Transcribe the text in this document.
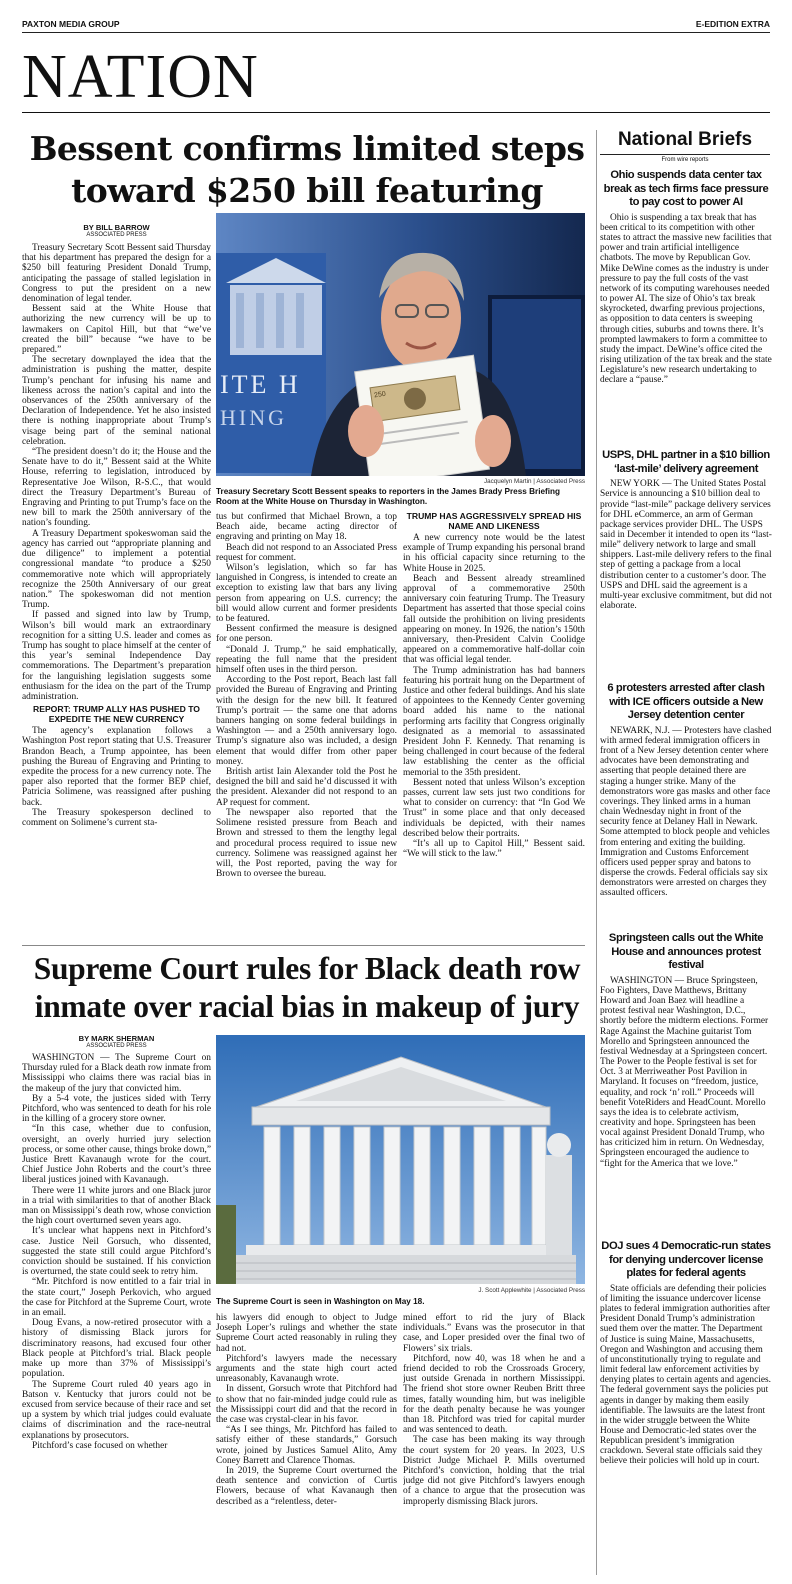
PAXTON MEDIA GROUP	E-EDITION EXTRA
NATION
Bessent confirms limited steps toward $250 bill featuring
BY BILL BARROW
ASSOCIATED PRESS

Treasury Secretary Scott Bessent said Thursday that his department has prepared the design for a $250 bill featuring President Donald Trump, anticipating the passage of stalled legislation in Congress to put the president on a new denomination of legal tender.

Bessent said at the White House that authorizing the new currency will be up to lawmakers on Capitol Hill, but that “we’ve created the bill” because “we have to be prepared.”

The secretary downplayed the idea that the administration is pushing the matter, despite Trump’s penchant for infusing his name and likeness across the nation’s capital and into the observances of the 250th anniversary of the Declaration of Independence. Yet he also insisted there is nothing inappropriate about Trump’s visage being part of the seminal national celebration.

“The president doesn’t do it; the House and the Senate have to do it,” Bessent said at the White House, referring to legislation, introduced by Representative Joe Wilson, R-S.C., that would direct the Treasury Department’s Bureau of Engraving and Printing to put Trump’s face on the new bill to mark the 250th anniversary of the nation’s founding.

A Treasury Department spokeswoman said the agency has carried out “appropriate planning and due diligence” to implement a potential congressional mandate “to produce a $250 commemorative note which will appropriately recognize the 250th Anniversary of our great nation.” The spokeswoman did not mention Trump.

If passed and signed into law by Trump, Wilson’s bill would mark an extraordinary recognition for a sitting U.S. leader and comes as Trump has sought to place himself at the center of this year’s seminal Independence Day commemorations. The Department’s preparation for the languishing legislation suggests some enthusiasm for the idea on the part of the Trump administration.

REPORT: TRUMP ALLY HAS PUSHED TO EXPEDITE THE NEW CURRENCY

The agency’s explanation follows a Washington Post report stating that U.S. Treasurer Brandon Beach, a Trump appointee, has been pushing the Bureau of Engraving and Printing to expedite the process for a new currency note. The paper also reported that the former BEP chief, Patricia Solimene, was reassigned after pushing back.

The Treasury spokesperson declined to comment on Solimene’s current sta-

ITE H
HING
250
Jacquelyn Martin | Associated Press
Treasury Secretary Scott Bessent speaks to reporters in the James Brady Press Briefing Room at the White House on Thursday in Washington.

tus but confirmed that Michael Brown, a top Beach aide, became acting director of engraving and printing on May 18.

Beach did not respond to an Associated Press request for comment.

Wilson’s legislation, which so far has languished in Congress, is intended to create an exception to existing law that bars any living person from appearing on U.S. currency; the bill would allow current and former presidents to be featured.

Bessent confirmed the measure is designed for one person.

“Donald J. Trump,” he said emphatically, repeating the full name that the president himself often uses in the third person.

According to the Post report, Beach last fall provided the Bureau of Engraving and Printing with the design for the new bill. It featured Trump’s portrait — the same one that adorns banners hanging on some federal buildings in Washington — and a 250th anniversary logo. Trump’s signature also was included, a design element that would differ from other paper money.

British artist Iain Alexander told the Post he designed the bill and said he’d discussed it with the president. Alexander did not respond to an AP request for comment.

The newspaper also reported that the Solimene resisted pressure from Beach and Brown and stressed to them the lengthy legal and procedural process required to issue new currency. Solimene was reassigned against her will, the Post reported, paving the way for Brown to oversee the bureau.

TRUMP HAS AGGRESSIVELY SPREAD HIS NAME AND LIKENESS

A new currency note would be the latest example of Trump expanding his personal brand in his official capacity since returning to the White House in 2025.

Beach and Bessent already streamlined approval of a commemorative 250th anniversary coin featuring Trump. The Treasury Department has asserted that those special coins fall outside the prohibition on living presidents appearing on money. In 1926, the nation’s 150th anniversary, then-President Calvin Coolidge appeared on a commemorative half-dollar coin that was official legal tender.

The Trump administration has had banners featuring his portrait hung on the Department of Justice and other federal buildings. And his slate of appointees to the Kennedy Center governing board added his name to the national performing arts facility that Congress originally designated as a memorial to assassinated President John F. Kennedy. That renaming is being challenged in court because of the federal law establishing the center as the official memorial to the 35th president.

Bessent noted that unless Wilson’s exception passes, current law sets just two conditions for what to consider on currency: that “In God We Trust” in some place and that only deceased individuals be depicted, with their names described below their portraits.

“It’s all up to Capitol Hill,” Bessent said. “We will stick to the law.”

Supreme Court rules for Black death row inmate over racial bias in makeup of jury
BY MARK SHERMAN
ASSOCIATED PRESS

WASHINGTON — The Supreme Court on Thursday ruled for a Black death row inmate from Mississippi who claims there was racial bias in the makeup of the jury that convicted him.

By a 5-4 vote, the justices sided with Terry Pitchford, who was sentenced to death for his role in the killing of a grocery store owner.

“In this case, whether due to confusion, oversight, an overly hurried jury selection process, or some other cause, things broke down,” Justice Brett Kavanaugh wrote for the court. Chief Justice John Roberts and the court’s three liberal justices joined with Kavanaugh.

There were 11 white jurors and one Black juror in a trial with similarities to that of another Black man on Mississippi’s death row, whose conviction the high court overturned seven years ago.

It’s unclear what happens next in Pitchford’s case. Justice Neil Gorsuch, who dissented, suggested the state still could argue Pitchford’s conviction should be sustained. If his conviction is overturned, the state could seek to retry him.

“Mr. Pitchford is now entitled to a fair trial in the state court,” Joseph Perkovich, who argued the case for Pitchford at the Supreme Court, wrote in an email.

Doug Evans, a now-retired prosecutor with a history of dismissing Black jurors for discriminatory reasons, had excused four other Black people at Pitchford’s trial. Black people make up more than 37% of Mississippi’s population.

The Supreme Court ruled 40 years ago in Batson v. Kentucky that jurors could not be excused from service because of their race and set up a system by which trial judges could evaluate claims of discrimination and the race-neutral explanations by prosecutors.

Pitchford’s case focused on whether

J. Scott Applewhite | Associated Press
The Supreme Court is seen in Washington on May 18.

his lawyers did enough to object to Judge Joseph Loper’s rulings and whether the state Supreme Court acted reasonably in ruling they had not.

Pitchford’s lawyers made the necessary arguments and the state high court acted unreasonably, Kavanaugh wrote.

In dissent, Gorsuch wrote that Pitchford had to show that no fair-minded judge could rule as the Mississippi court did and that the record in the case was crystal-clear in his favor.

“As I see things, Mr. Pitchford has failed to satisfy either of these standards,” Gorsuch wrote, joined by Justices Samuel Alito, Amy Coney Barrett and Clarence Thomas.

In 2019, the Supreme Court overturned the death sentence and conviction of Curtis Flowers, because of what Kavanaugh then described as a “relentless, deter-

mined effort to rid the jury of Black individuals.” Evans was the prosecutor in that case, and Loper presided over the final two of Flowers’ six trials.

Pitchford, now 40, was 18 when he and a friend decided to rob the Crossroads Grocery, just outside Grenada in northern Mississippi. The friend shot store owner Reuben Britt three times, fatally wounding him, but was ineligible for the death penalty because he was younger than 18. Pitchford was tried for capital murder and was sentenced to death.

The case has been making its way through the court system for 20 years. In 2023, U.S District Judge Michael P. Mills overturned Pitchford’s conviction, holding that the trial judge did not give Pitchford’s lawyers enough of a chance to argue that the prosecution was improperly dismissing Black jurors.

National Briefs
From wire reports
Ohio suspends data center tax break as tech firms face pressure to pay cost to power AI
Ohio is suspending a tax break that has been critical to its competition with other states to attract the massive new facilities that power and train artificial intelligence chatbots. The move by Republican Gov. Mike DeWine comes as the industry is under pressure to pay the full costs of the vast network of its computing warehouses needed to power AI. The size of Ohio’s tax break skyrocketed, dwarfing previous projections, as opposition to data centers is sweeping through cities, suburbs and towns there. It’s prompted lawmakers to form a committee to study the impact. DeWine’s office cited the rising utilization of the tax break and the state Legislature’s new research undertaking to declare a “pause.”
USPS, DHL partner in a $10 billion ‘last-mile’ delivery agreement
NEW YORK — The United States Postal Service is announcing a $10 billion deal to provide “last-mile” package delivery services for DHL eCommerce, an arm of German package services provider DHL. The USPS said in December it intended to open its “last-mile” delivery network to large and small shippers. Last-mile delivery refers to the final step of getting a package from a local distribution center to a customer’s door. The USPS and DHL said the agreement is a multi-year exclusive commitment, but did not elaborate.
6 protesters arrested after clash with ICE officers outside a New Jersey detention center
NEWARK, N.J. — Protesters have clashed with armed federal immigration officers in front of a New Jersey detention center where advocates have been demonstrating and asserting that people detained there are staging a hunger strike. Many of the demonstrators wore gas masks and other face coverings. They linked arms in a human chain Wednesday night in front of the security fence at Delaney Hall in Newark. Some attempted to block people and vehicles from entering and exiting the building. Immigration and Customs Enforcement officers used pepper spray and batons to disperse the crowds. Federal officials say six demonstrators were arrested on charges they assaulted officers.
Springsteen calls out the White House and announces protest festival
WASHINGTON — Bruce Springsteen, Foo Fighters, Dave Matthews, Brittany Howard and Joan Baez will headline a protest festival near Washington, D.C., shortly before the midterm elections. Former Rage Against the Machine guitarist Tom Morello and Springsteen announced the festival Wednesday at a Springsteen concert. The Power to the People festival is set for Oct. 3 at Merriweather Post Pavilion in Maryland. It focuses on “freedom, justice, equality, and rock ‘n’ roll.” Proceeds will benefit VoteRiders and HeadCount. Morello says the idea is to celebrate activism, creativity and hope. Springsteen has been vocal against President Donald Trump, who has criticized him in return. On Wednesday, Springsteen encouraged the audience to “fight for the America that we love.”
DOJ sues 4 Democratic-run states for denying undercover license plates for federal agents
State officials are defending their policies of limiting the issuance undercover license plates to federal immigration authorities after President Donald Trump’s administration sued them over the matter. The Department of Justice is suing Maine, Massachusetts, Oregon and Washington and accusing them of unconstitutionally trying to regulate and limit federal law enforcement activities by denying plates to certain agents and agencies. The federal government says the policies put agents in danger by making them easily identifiable. The lawsuits are the latest front in the wider struggle between the White House and Democratic-led states over the Republican president’s immigration crackdown. Several state officials said they believe their policies will hold up in court.
